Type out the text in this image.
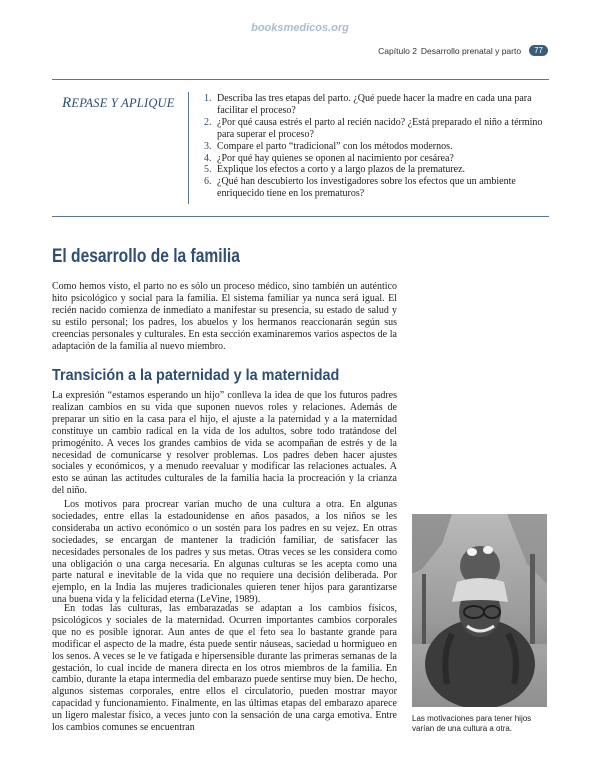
booksmedicos.org
Capítulo 2 Desarrollo prenatal y parto	77
REPASE Y APLIQUE	1. Describa las tres etapas del parto. ¿Qué puede hacer la madre en cada una para facilitar el proceso?
2. ¿Por qué causa estrés el parto al recién nacido? ¿Está preparado el niño a término para superar el proceso?
3. Compare el parto “tradicional” con los métodos modernos.
4. ¿Por qué hay quienes se oponen al nacimiento por cesárea?
5. Explique los efectos a corto y a largo plazos de la prematurez.
6. ¿Qué han descubierto los investigadores sobre los efectos que un ambiente enriquecido tiene en los prematuros?
El desarrollo de la familia

Como hemos visto, el parto no es sólo un proceso médico, sino también un auténtico hito psicológico y social para la familia. El sistema familiar ya nunca será igual. El recién nacido comienza de inmediato a manifestar su presencia, su estado de salud y su estilo personal; los padres, los abuelos y los hermanos reaccionarán según sus creencias personales y culturales. En esta sección examinaremos varios aspectos de la adaptación de la familia al nuevo miembro.

Transición a la paternidad y la maternidad

La expresión “estamos esperando un hijo” conlleva la idea de que los futuros padres realizan cambios en su vida que suponen nuevos roles y relaciones. Además de preparar un sitio en la casa para el hijo, el ajuste a la paternidad y a la maternidad constituye un cambio radical en la vida de los adultos, sobre todo tratándose del primogénito. A veces los grandes cambios de vida se acompañan de estrés y de la necesidad de comunicarse y resolver problemas. Los padres deben hacer ajustes sociales y económicos, y a menudo reevaluar y modificar las relaciones actuales. A esto se aúnan las actitudes culturales de la familia hacia la procreación y la crianza del niño.

Los motivos para procrear varían mucho de una cultura a otra. En algunas sociedades, entre ellas la estadounidense en años pasados, a los niños se les consideraba un activo económico o un sostén para los padres en su vejez. En otras sociedades, se encargan de mantener la tradición familiar, de satisfacer las necesidades personales de los padres y sus metas. Otras veces se les considera como una obligación o una carga necesaria. En algunas culturas se les acepta como una parte natural e inevitable de la vida que no requiere una decisión deliberada. Por ejemplo, en la India las mujeres tradicionales quieren tener hijos para garantizarse una buena vida y la felicidad eterna (LeVine, 1989).

En todas las culturas, las embarazadas se adaptan a los cambios físicos, psicológicos y sociales de la maternidad. Ocurren importantes cambios corporales que no es posible ignorar. Aun antes de que el feto sea lo bastante grande para modificar el aspecto de la madre, ésta puede sentir náuseas, saciedad u hormigueo en los senos. A veces se le ve fatigada e hipersensible durante las primeras semanas de la gestación, lo cual incide de manera directa en los otros miembros de la familia. En cambio, durante la etapa intermedia del embarazo puede sentirse muy bien. De hecho, algunos sistemas corporales, entre ellos el circulatorio, pueden mostrar mayor capacidad y funcionamiento. Finalmente, en las últimas etapas del embarazo aparece un ligero malestar físico, a veces junto con la sensación de una carga emotiva. Entre los cambios comunes se encuentran

Las motivaciones para tener hijos varían de una cultura a otra.
